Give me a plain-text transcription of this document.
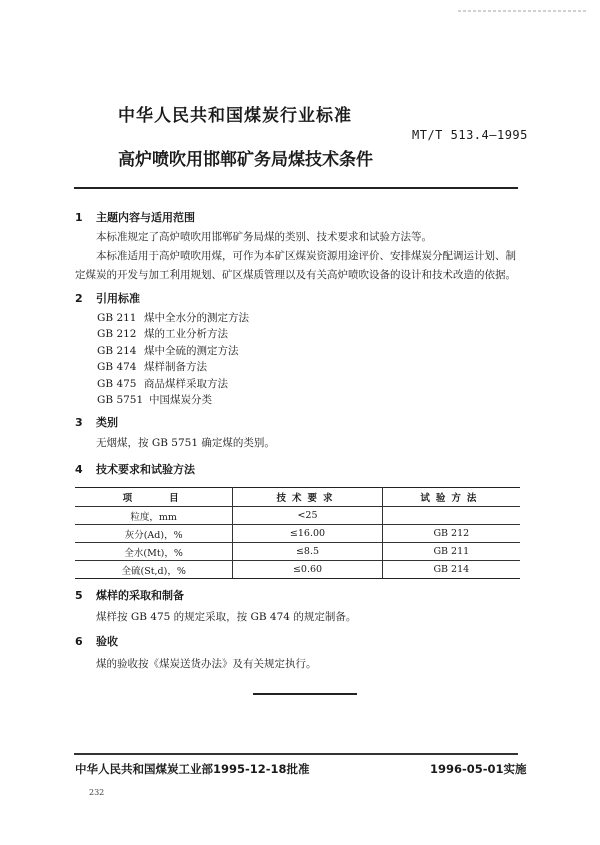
中华人民共和国煤炭行业标准
MT/T 513.4—1995
高炉喷吹用邯郸矿务局煤技术条件
1 主题内容与适用范围
本标准规定了高炉喷吹用邯郸矿务局煤的类别、技术要求和试验方法等。
本标准适用于高炉喷吹用煤，可作为本矿区煤炭资源用途评价、安排煤炭分配调运计划、制定煤炭的开发与加工利用规划、矿区煤质管理以及有关高炉喷吹设备的设计和技术改造的依据。
2 引用标准
GB 211 煤中全水分的测定方法
GB 212 煤的工业分析方法
GB 214 煤中全硫的测定方法
GB 474 煤样制备方法
GB 475 商品煤样采取方法
GB 5751 中国煤炭分类
3 类别
无烟煤，按 GB 5751 确定煤的类别。
4 技术要求和试验方法
项　　目	技术要求	试验方法
粒度，mm	<25	
灰分(Ad)，%	≤16.00	GB 212
全水(Mt)，%	≤8.5	GB 211
全硫(St,d)，%	≤0.60	GB 214
5 煤样的采取和制备
煤样按 GB 475 的规定采取，按 GB 474 的规定制备。
6 验收
煤的验收按《煤炭送货办法》及有关规定执行。
中华人民共和国煤炭工业部1995-12-18批准	1996-05-01实施
232
